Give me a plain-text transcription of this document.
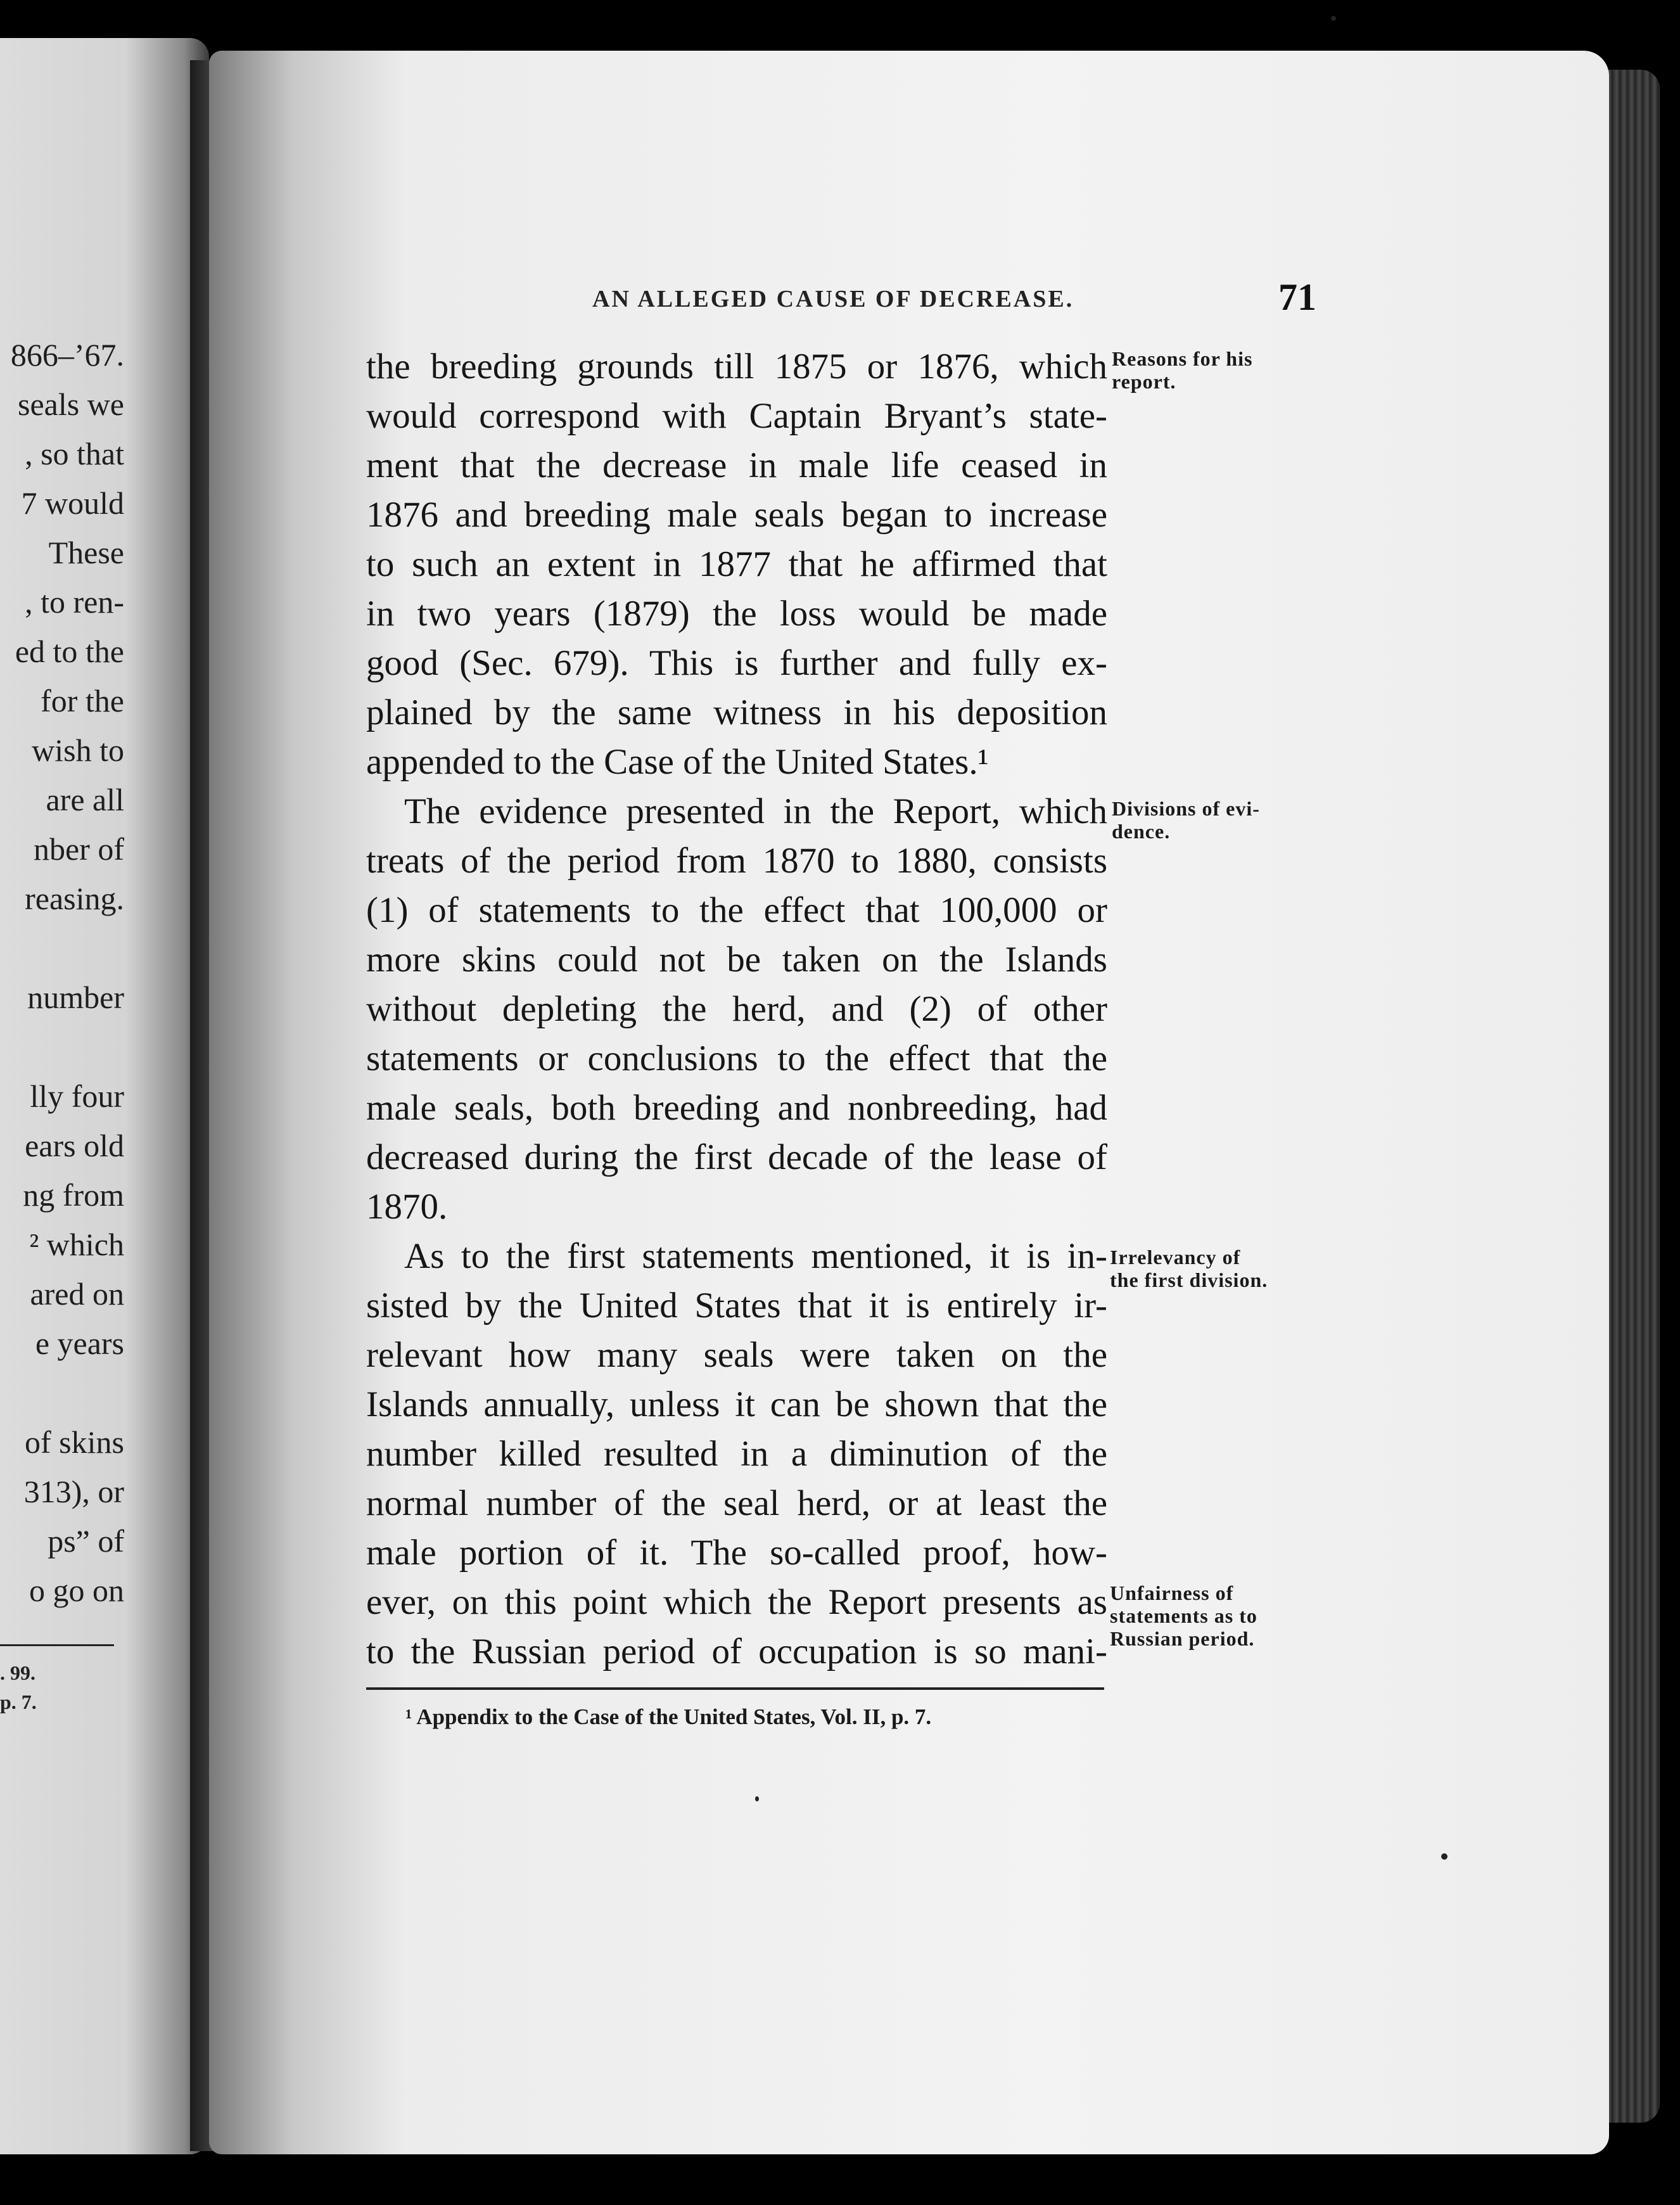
866–’67.
seals we
, so that
7 would
These
, to ren-
ed to the
for the
wish to
are all
nber of
reasing.
number
lly four
ears old
ng from
² which
ared on
e years
of skins
313), or
ps” of
o go on
. 99.
p. 7.
AN ALLEGED CAUSE OF DECREASE.	71
the breeding grounds till 1875 or 1876, which
would correspond with Captain Bryant’s state-
ment that the decrease in male life ceased in
1876 and breeding male seals began to increase
to such an extent in 1877 that he affirmed that
in two years (1879) the loss would be made
good (Sec. 679). This is further and fully ex-
plained by the same witness in his deposition
appended to the Case of the United States.¹
The evidence presented in the Report, which
treats of the period from 1870 to 1880, consists
(1) of statements to the effect that 100,000 or
more skins could not be taken on the Islands
without depleting the herd, and (2) of other
statements or conclusions to the effect that the
male seals, both breeding and nonbreeding, had
decreased during the first decade of the lease of
1870.
As to the first statements mentioned, it is in-
sisted by the United States that it is entirely ir-
relevant how many seals were taken on the
Islands annually, unless it can be shown that the
number killed resulted in a diminution of the
normal number of the seal herd, or at least the
male portion of it. The so-called proof, how-
ever, on this point which the Report presents as
to the Russian period of occupation is so mani-
Reasons for his
report.
Divisions of evi-
dence.
Irrelevancy of
the first division.
Unfairness of
statements as to
Russian period.
¹ Appendix to the Case of the United States, Vol. II, p. 7.
